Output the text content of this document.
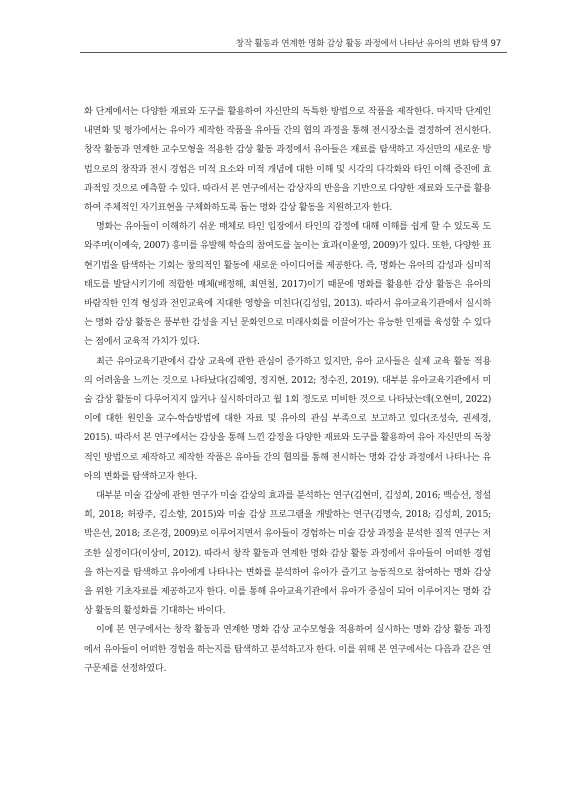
창작 활동과 연계한 명화 감상 활동 과정에서 나타난 유아의 변화 탐색 97

화 단계에서는 다양한 재료와 도구를 활용하여 자신만의 독특한 방법으로 작품을 제작한다. 마지막 단계인 내면화 및 평가에서는 유아가 제작한 작품을 유아들 간의 협의 과정을 통해 전시장소를 결정하여 전시한다. 창작 활동과 연계한 교수모형을 적용한 감상 활동 과정에서 유아들은 재료를 탐색하고 자신만의 새로운 방법으로의 창작과 전시 경험은 미적 요소와 미적 개념에 대한 이해 및 시각의 다각화와 타인 이해 증진에 효과적일 것으로 예측할 수 있다. 따라서 본 연구에서는 감상자의 반응을 기반으로 다양한 재료와 도구를 활용하여 주체적인 자기표현을 구체화하도록 돕는 명화 감상 활동을 지원하고자 한다.

명화는 유아들이 이해하기 쉬운 매체로 타인 입장에서 타인의 감정에 대해 이해를 쉽게 할 수 있도록 도와주며(이예숙, 2007) 흥미를 유발해 학습의 참여도를 높이는 효과(이윤영, 2009)가 있다. 또한, 다양한 표현기법을 탐색하는 기회는 창의적인 활동에 새로운 아이디어를 제공한다. 즉, 명화는 유아의 감성과 심미적 태도를 발달시키기에 적합한 매체(배정해, 최연철, 2017)이기 때문에 명화를 활용한 감상 활동은 유아의 바람직한 인격 형성과 전인교육에 지대한 영향을 미친다(김성임, 2013). 따라서 유아교육기관에서 실시하는 명화 감상 활동은 풍부한 감성을 지닌 문화인으로 미래사회를 이끌어가는 유능한 인재를 육성할 수 있다는 점에서 교육적 가치가 있다.

최근 유아교육기관에서 감상 교육에 관한 관심이 증가하고 있지만, 유아 교사들은 실제 교육 활동 적용의 어려움을 느끼는 것으로 나타났다(김혜영, 정지현, 2012; 정수진, 2019). 대부분 유아교육기관에서 미술 감상 활동이 다루어지지 않거나 실시하더라고 월 1회 정도로 미비한 것으로 나타났는데(오현미, 2022) 이에 대한 원인을 교수-학습방법에 대한 자료 및 유아의 관심 부족으로 보고하고 있다(조성숙, 권세경, 2015). 따라서 본 연구에서는 감상을 통해 느낀 감정을 다양한 재료와 도구를 활용하여 유아 자신만의 독창적인 방법으로 제작하고 제작한 작품은 유아들 간의 협의를 통해 전시하는 명화 감상 과정에서 나타나는 유아의 변화를 탐색하고자 한다.

대부분 미술 감상에 관한 연구가 미술 감상의 효과를 분석하는 연구(김현미, 김성희, 2016; 백승선, 정설희, 2018; 허광주, 김소향, 2015)와 미술 감상 프로그램을 개발하는 연구(김명숙, 2018; 김성희, 2015; 박은선, 2018; 조은경, 2009)로 이루어지면서 유아들이 경험하는 미술 감상 과정을 분석한 질적 연구는 저조한 실정이다(이상미, 2012). 따라서 창작 활동과 연계한 명화 감상 활동 과정에서 유아들이 어떠한 경험을 하는지를 탐색하고 유아에게 나타나는 변화를 분석하여 유아가 즐기고 능동적으로 참여하는 명화 감상을 위한 기초자료를 제공하고자 한다. 이를 통해 유아교육기관에서 유아가 중심이 되어 이루어지는 명화 감상 활동의 활성화를 기대하는 바이다.

이에 본 연구에서는 창작 활동과 연계한 명화 감상 교수모형을 적용하여 실시하는 명화 감상 활동 과정에서 유아들이 어떠한 경험을 하는지를 탐색하고 분석하고자 한다. 이를 위해 본 연구에서는 다음과 같은 연구문제를 선정하였다.
